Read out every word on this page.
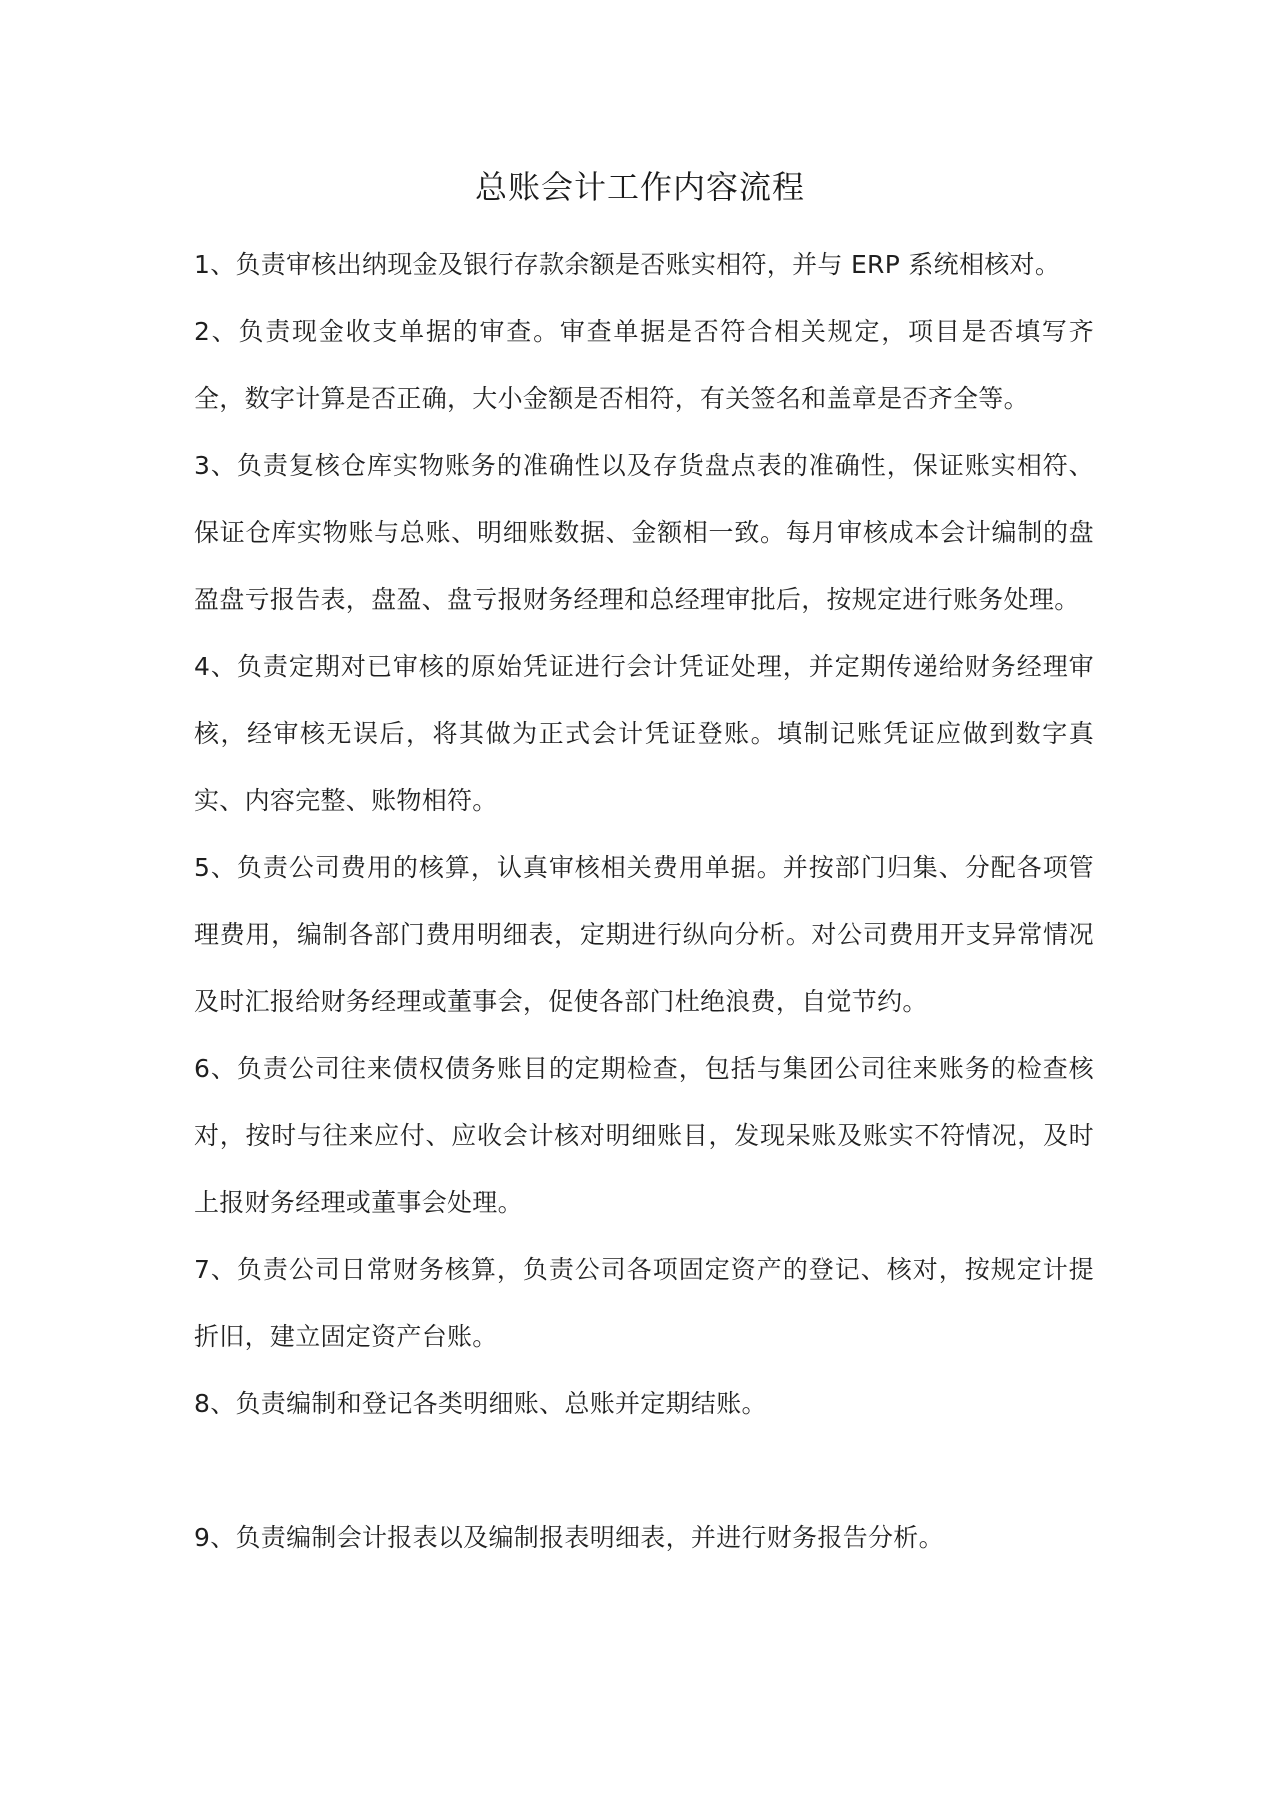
总账会计工作内容流程

1、负责审核出纳现金及银行存款余额是否账实相符，并与 ERP 系统相核对。

2、负责现金收支单据的审查。审查单据是否符合相关规定，项目是否填写齐全，数字计算是否正确，大小金额是否相符，有关签名和盖章是否齐全等。

3、负责复核仓库实物账务的准确性以及存货盘点表的准确性，保证账实相符、保证仓库实物账与总账、明细账数据、金额相一致。每月审核成本会计编制的盘盈盘亏报告表，盘盈、盘亏报财务经理和总经理审批后，按规定进行账务处理。

4、负责定期对已审核的原始凭证进行会计凭证处理，并定期传递给财务经理审核，经审核无误后，将其做为正式会计凭证登账。填制记账凭证应做到数字真实、内容完整、账物相符。

5、负责公司费用的核算，认真审核相关费用单据。并按部门归集、分配各项管理费用，编制各部门费用明细表，定期进行纵向分析。对公司费用开支异常情况及时汇报给财务经理或董事会，促使各部门杜绝浪费，自觉节约。

6、负责公司往来债权债务账目的定期检查，包括与集团公司往来账务的检查核对，按时与往来应付、应收会计核对明细账目，发现呆账及账实不符情况，及时上报财务经理或董事会处理。

7、负责公司日常财务核算，负责公司各项固定资产的登记、核对，按规定计提折旧，建立固定资产台账。

8、负责编制和登记各类明细账、总账并定期结账。

9、负责编制会计报表以及编制报表明细表，并进行财务报告分析。
